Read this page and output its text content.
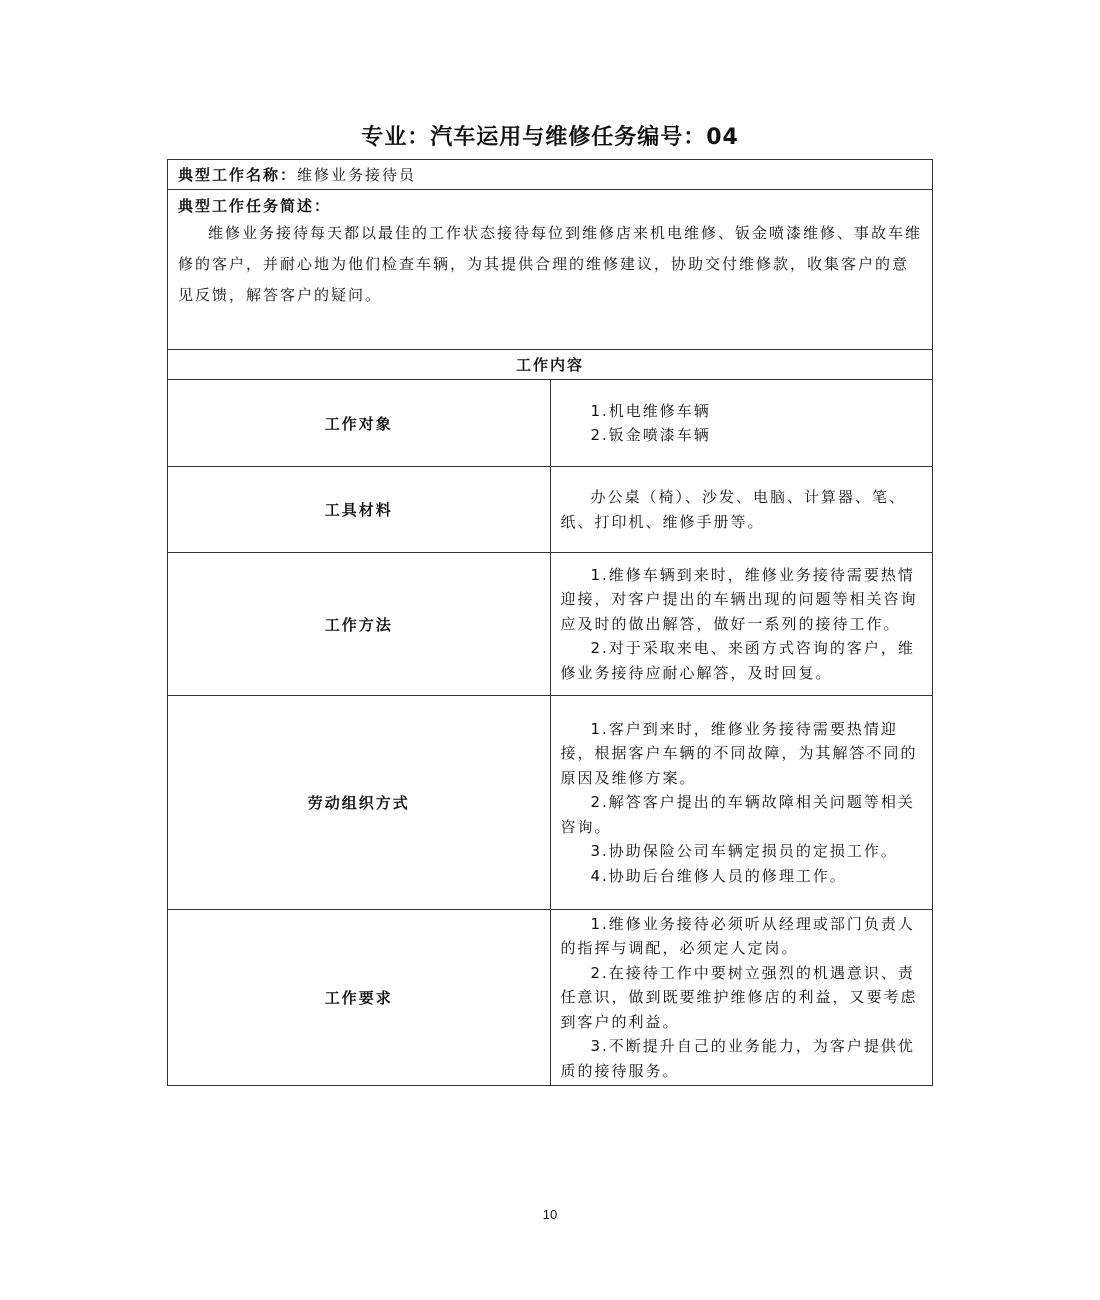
专业：汽车运用与维修任务编号：04
典型工作名称：维修业务接待员	

典型工作任务简述：
维修业务接待每天都以最佳的工作状态接待每位到维修店来机电维修、钣金喷漆维修、事故车维修的客户，并耐心地为他们检查车辆，为其提供合理的维修建议，协助交付维修款，收集客户的意见反馈，解答客户的疑问。	

工作内容	
工作对象	1.机电维修车辆

2.钣金喷漆车辆

工具材料	办公桌（椅）、沙发、电脑、计算器、笔、纸、打印机、维修手册等。

工作方法	1.维修车辆到来时，维修业务接待需要热情迎接，对客户提出的车辆出现的问题等相关咨询应及时的做出解答，做好一系列的接待工作。

2.对于采取来电、来函方式咨询的客户，维修业务接待应耐心解答，及时回复。

劳动组织方式	1.客户到来时，维修业务接待需要热情迎接，根据客户车辆的不同故障，为其解答不同的原因及维修方案。

2.解答客户提出的车辆故障相关问题等相关咨询。

3.协助保险公司车辆定损员的定损工作。

4.协助后台维修人员的修理工作。

工作要求	1.维修业务接待必须听从经理或部门负责人的指挥与调配，必须定人定岗。

2.在接待工作中要树立强烈的机遇意识、责任意识，做到既要维护维修店的利益，又要考虑到客户的利益。

3.不断提升自己的业务能力，为客户提供优质的接待服务。

10
